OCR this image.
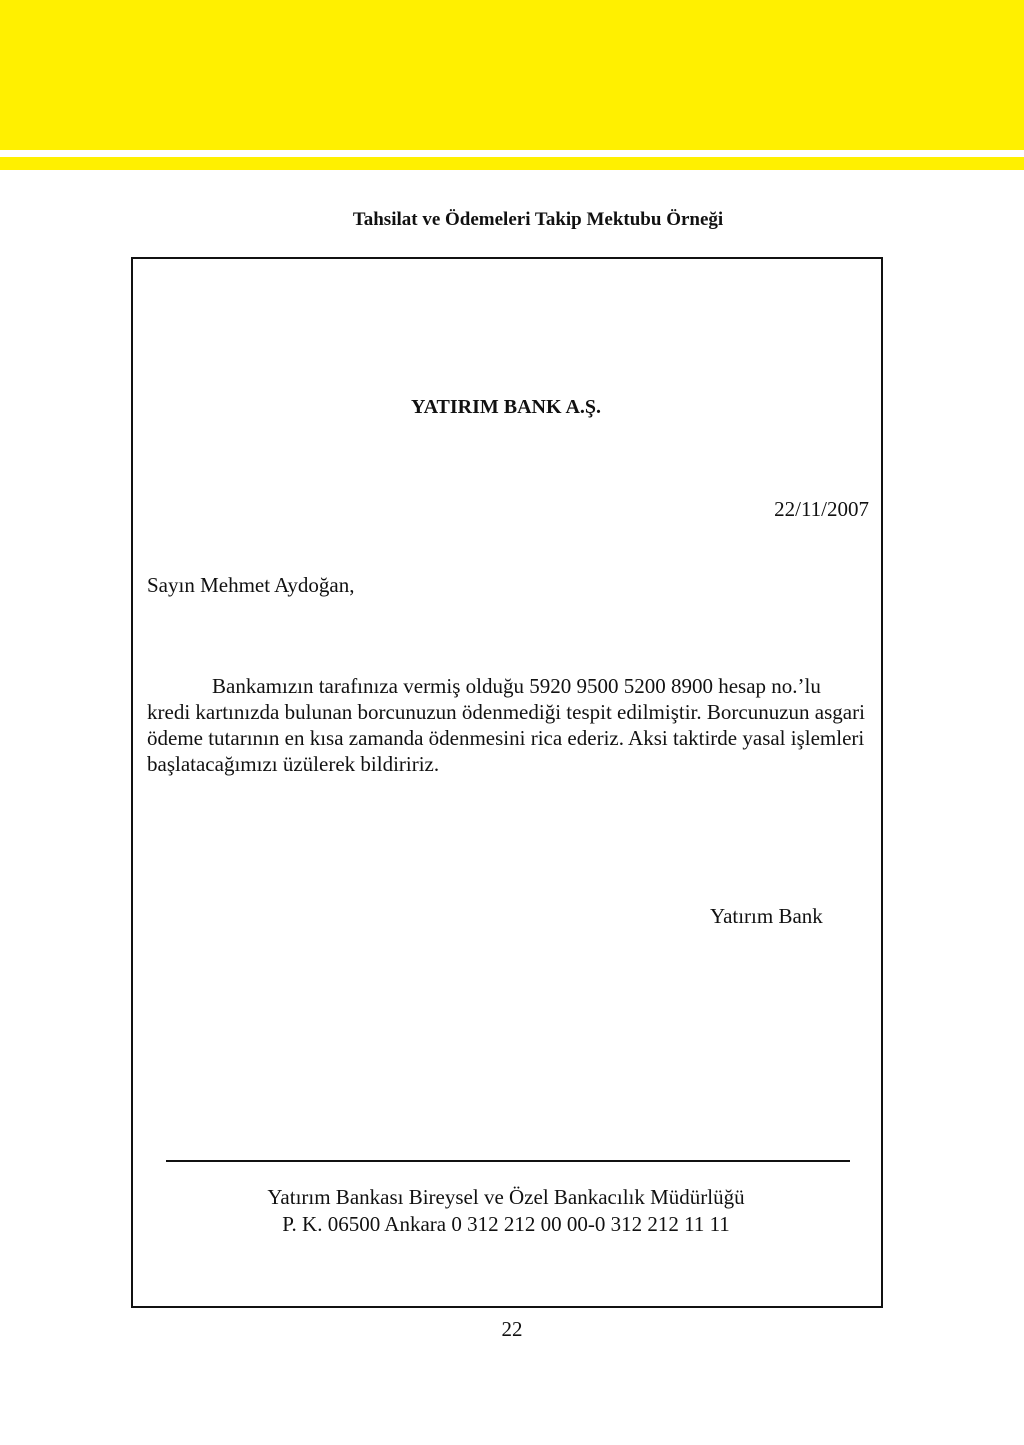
Tahsilat ve Ödemeleri Takip Mektubu Örneği
YATIRIM BANK A.Ş.
22/11/2007
Sayın Mehmet Aydoğan,

Bankamızın tarafınıza vermiş olduğu 5920 9500 5200 8900 hesap no.’lu kredi kartınızda bulunan borcunuzun ödenmediği tespit edilmiştir. Borcunuzun asgari ödeme tutarının en kısa zamanda ödenmesini rica ederiz. Aksi taktirde yasal işlemleri başlatacağımızı üzülerek bildiririz.

Yatırım Bank
Yatırım Bankası Bireysel ve Özel Bankacılık Müdürlüğü
P. K. 06500 Ankara 0 312 212 00 00-0 312 212 11 11
22
